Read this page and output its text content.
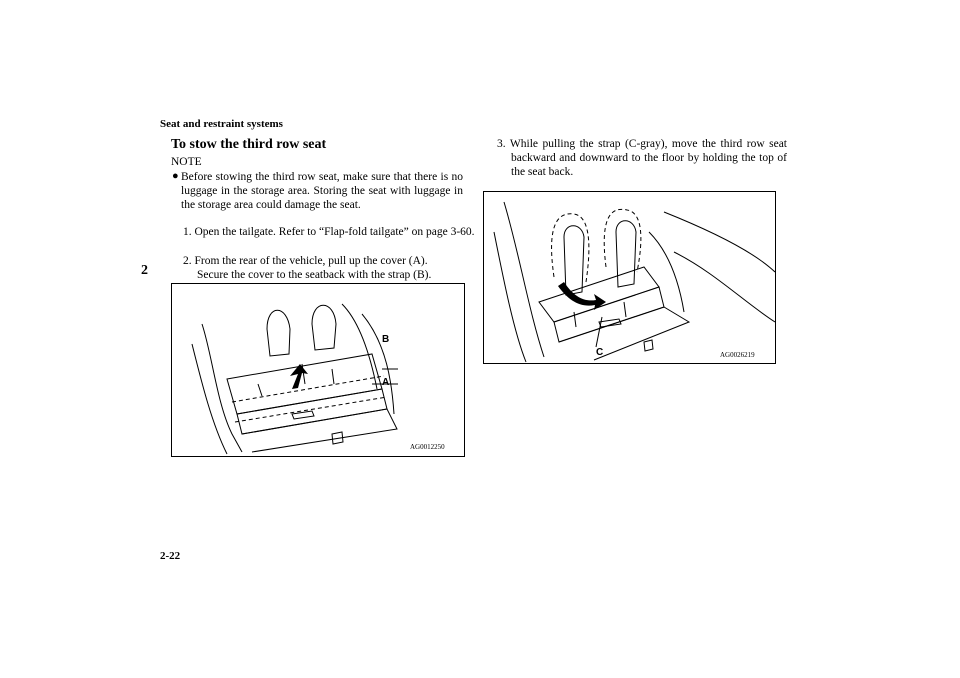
Seat and restraint systems
2
To stow the third row seat
NOTE
● Before stowing the third row seat, make sure that there is no luggage in the storage area. Storing the seat with luggage in the storage area could damage the seat.
1. Open the tailgate. Refer to “Flap-fold tailgate” on page 3-60.
2. From the rear of the vehicle, pull up the cover (A).
Secure the cover to the seatback with the strap (B).
B
A
AG0012250
3. While pulling the strap (C-gray), move the third row seat backward and downward to the floor by holding the top of the seat back.
C	AG0026219
2-22
